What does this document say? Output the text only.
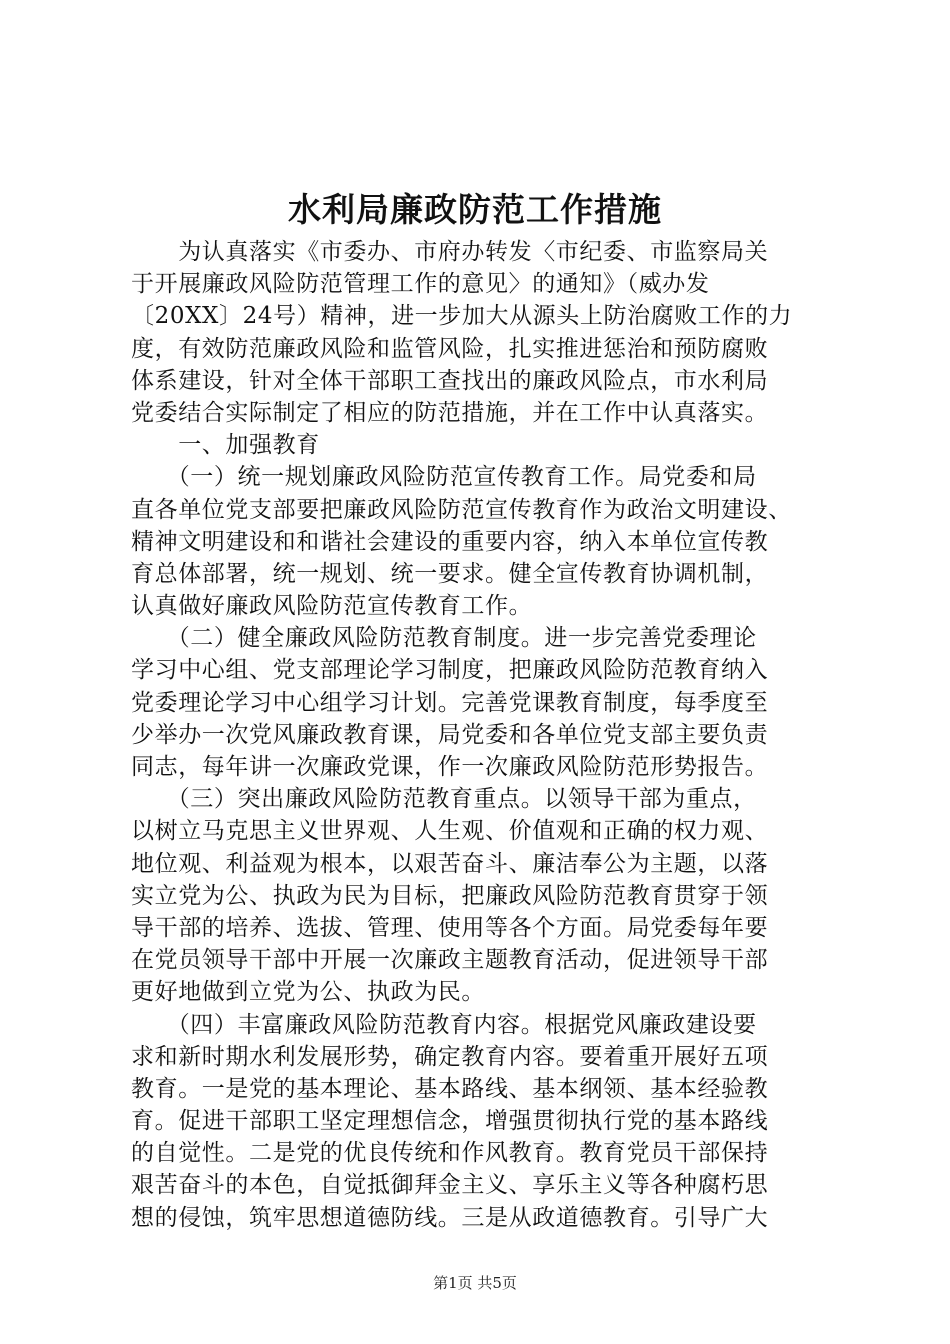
水利局廉政防范工作措施
　　为认真落实《市委办、市府办转发〈市纪委、市监察局关
于开展廉政风险防范管理工作的意见〉的通知》（威办发
〔20XX〕24号）精神，进一步加大从源头上防治腐败工作的力
度，有效防范廉政风险和监管风险，扎实推进惩治和预防腐败
体系建设，针对全体干部职工查找出的廉政风险点，市水利局
党委结合实际制定了相应的防范措施，并在工作中认真落实。
　　一、加强教育
　　（一）统一规划廉政风险防范宣传教育工作。局党委和局
直各单位党支部要把廉政风险防范宣传教育作为政治文明建设、
精神文明建设和和谐社会建设的重要内容，纳入本单位宣传教
育总体部署，统一规划、统一要求。健全宣传教育协调机制，
认真做好廉政风险防范宣传教育工作。
　　（二）健全廉政风险防范教育制度。进一步完善党委理论
学习中心组、党支部理论学习制度，把廉政风险防范教育纳入
党委理论学习中心组学习计划。完善党课教育制度，每季度至
少举办一次党风廉政教育课，局党委和各单位党支部主要负责
同志，每年讲一次廉政党课，作一次廉政风险防范形势报告。
　　（三）突出廉政风险防范教育重点。以领导干部为重点，
以树立马克思主义世界观、人生观、价值观和正确的权力观、
地位观、利益观为根本，以艰苦奋斗、廉洁奉公为主题，以落
实立党为公、执政为民为目标，把廉政风险防范教育贯穿于领
导干部的培养、选拔、管理、使用等各个方面。局党委每年要
在党员领导干部中开展一次廉政主题教育活动，促进领导干部
更好地做到立党为公、执政为民。
　　（四）丰富廉政风险防范教育内容。根据党风廉政建设要
求和新时期水利发展形势，确定教育内容。要着重开展好五项
教育。一是党的基本理论、基本路线、基本纲领、基本经验教
育。促进干部职工坚定理想信念，增强贯彻执行党的基本路线
的自觉性。二是党的优良传统和作风教育。教育党员干部保持
艰苦奋斗的本色，自觉抵御拜金主义、享乐主义等各种腐朽思
想的侵蚀，筑牢思想道德防线。三是从政道德教育。引导广大
第1页 共5页
